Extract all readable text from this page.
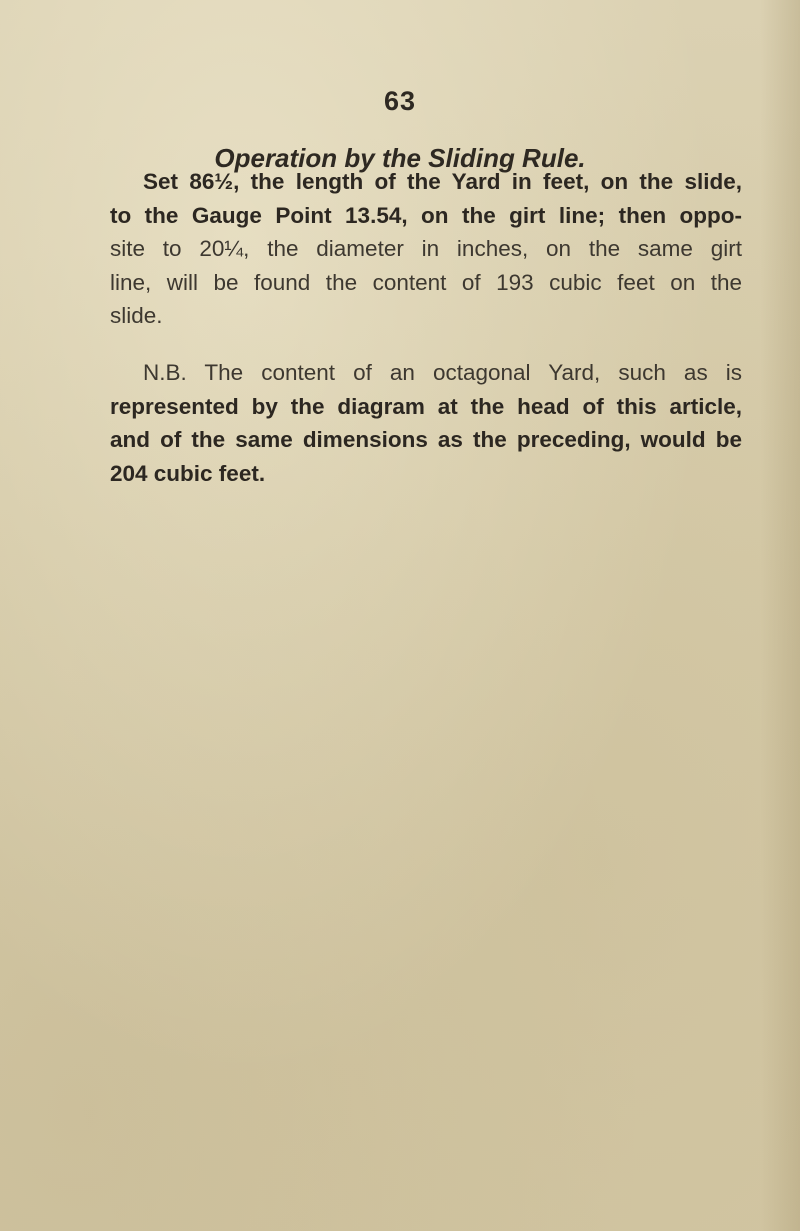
63
Operation by the Sliding Rule.
Set 86½, the length of the Yard in feet, on the slide,
to the Gauge Point 13.54, on the girt line; then oppo-
site to 20¼, the diameter in inches, on the same girt
line, will be found the content of 193 cubic feet on the
slide.
N.B. The content of an octagonal Yard, such as is
represented by the diagram at the head of this article,
and of the same dimensions as the preceding, would be
204 cubic feet.
